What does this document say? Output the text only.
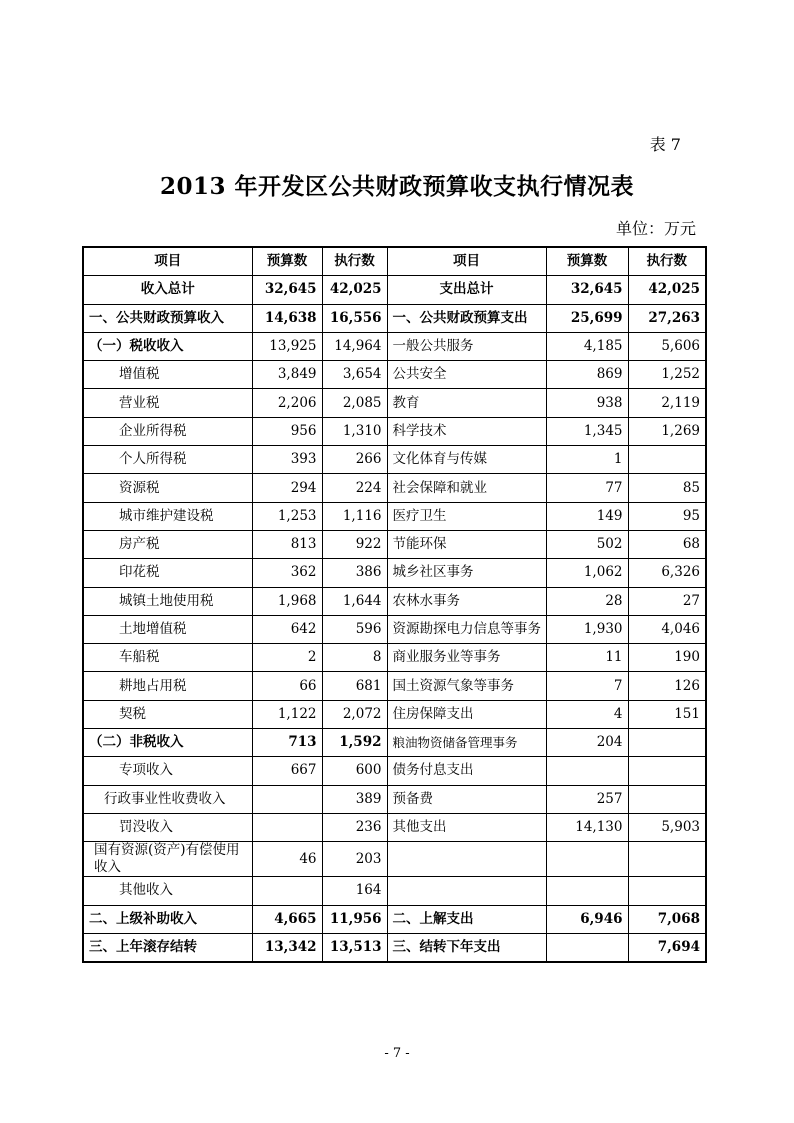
表 7
2013 年开发区公共财政预算收支执行情况表
单位：万元
项目	预算数	执行数	项目	预算数	执行数
收入总计	32,645	42,025	支出总计	32,645	42,025
一、公共财政预算收入	14,638	16,556	一、公共财政预算支出	25,699	27,263
（一）税收收入	13,925	14,964	一般公共服务	4,185	5,606
增值税	3,849	3,654	公共安全	869	1,252
营业税	2,206	2,085	教育	938	2,119
企业所得税	956	1,310	科学技术	1,345	1,269
个人所得税	393	266	文化体育与传媒	1	
资源税	294	224	社会保障和就业	77	85
城市维护建设税	1,253	1,116	医疗卫生	149	95
房产税	813	922	节能环保	502	68
印花税	362	386	城乡社区事务	1,062	6,326
城镇土地使用税	1,968	1,644	农林水事务	28	27
土地增值税	642	596	资源勘探电力信息等事务	1,930	4,046
车船税	2	8	商业服务业等事务	11	190
耕地占用税	66	681	国土资源气象等事务	7	126
契税	1,122	2,072	住房保障支出	4	151
（二）非税收入	713	1,592	粮油物资储备管理事务	204	
专项收入	667	600	债务付息支出		
行政事业性收费收入		389	预备费	257	
罚没收入		236	其他支出	14,130	5,903
国有资源(资产)有偿使用收入	46	203			
其他收入		164			
二、上级补助收入	4,665	11,956	二、上解支出	6,946	7,068
三、上年滚存结转	13,342	13,513	三、结转下年支出		7,694
- 7 -
